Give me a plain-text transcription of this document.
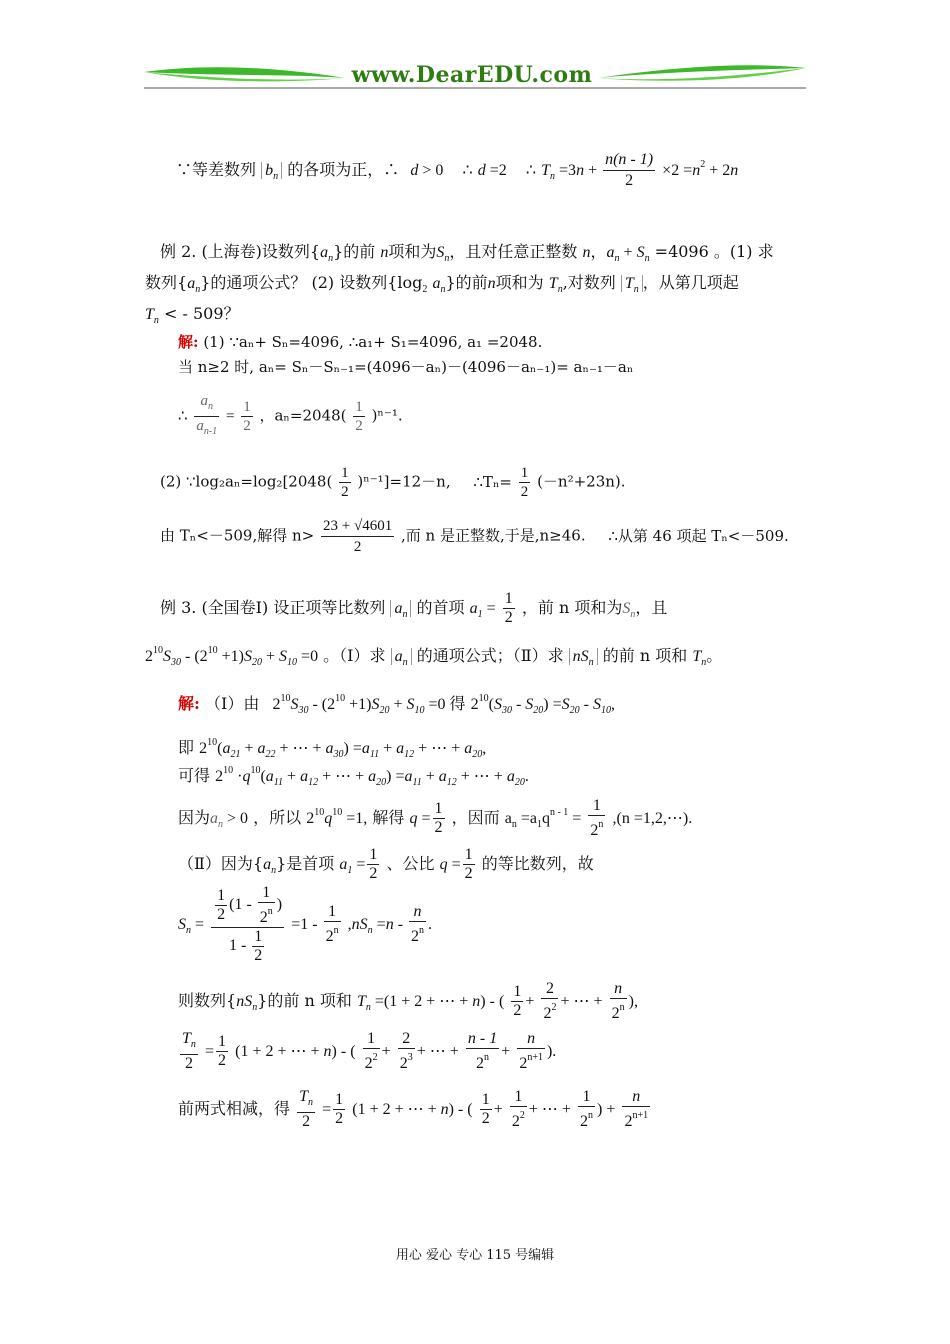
www.DearEDU.com
∵等差数列 $b_n$ 的各项为正，∴ d > 0 ∴ d =2 ∴ $T_n =3n + \frac{n(n - 1)}{2} \times 2 =n^2 + 2n$
例 2. (上海卷)设数列$\{a_n\}$的前 n项和为$S_n$，且对任意正整数 n，$a_n + S_n =4096$ 。(1) 求
数列$\{a_n\}$的通项公式？ (2) 设数列{$\log_2$ $a_n$}的前n项和为 $T_n$,对数列 $T_n$ ，从第几项起
$T_n$ < - 509？
解: (1) ∵aₙ+ Sₙ=4096, ∴a₁+ S₁=4096, a₁ =2048.
当 n≥2 时, aₙ= Sₙ－Sₙ₋₁=(4096－aₙ)－(4096－aₙ₋₁)= aₙ₋₁－aₙ
∴ $\frac{a_n}{a_{n-1}} = \frac{1}{2}$ ，$a_n=2048( \frac{1}{2} )^{n-1}$.
(2) ∵log₂aₙ=log₂[2048( $\frac{1}{2} )^{n-1}]=12-n$, ∴Tₙ= $\frac{1}{2} (-n^2+23n)$.
由 Tₙ<－509,解得 $n> \frac{23 + √4601}{2}$ ,而 n 是正整数,于是,n≥46. ∴从第 46 项起 Tₙ<－509.
例 3. (全国卷Ⅰ) 设正项等比数列 $a_n$ 的首项 $a_1 = \frac{1}{2}$ ，前 n 项和为$S_n$，且
$2^{10}S_{30} - (2^{10} +1)S_{20} + S_{10} =0$ 。（Ⅰ）求 $a_n$ 的通项公式；（Ⅱ）求 $nS_n$ 的前 n 项和 $T_n$。
解: （Ⅰ）由 $2^{10}S_{30} - (2^{10} +1)S_{20} + S_{10} =0$ 得 $2^{10}(S_{30} - S_{20}) =S_{20} - S_{10}$,
即 $2^{10}(a_{21} + a_{22}$ + ⋯ + $a_{30}) =a_{11} + a_{12}$ + ⋯ + $a_{20}$,
可得 $2^{10} \cdot q^{10}(a_{11} + a_{12}$ + ⋯ + $a_{20}) =a_{11} + a_{12}$ + ⋯ + $a_{20}$.
因为$a_n > 0$ ，所以 $2^{10}q^{10} =1$, 解得 $q = \frac{1}{2}$ ，因而 $a_n =a_1q^{n - 1} = \frac{1}{2^n} ,(n$ =1,2,⋯).
（Ⅱ）因为$\{a_n\}$是首项 $a_1 = \frac{1}{2}$ 、公比 $q = \frac{1}{2}$ 的等比数列，故
$S_n = \frac{\frac{1}{2} (1 - \frac{1}{2^n} )}{1 - \frac{1}{2}} =1 - \frac{1}{2^n} ,nS_n =n - \frac{n}{2^n}$ .
则数列$\{nS_n\}$的前 n 项和 $T_n =(1 + 2$ + ⋯ + n) - ( $\frac{1}{2} + \frac{2}{2^2}$ + ⋯ + $\frac{n}{2^n}$ ),
$\frac{T_n}{2} = \frac{1}{2} (1 + 2$ + ⋯ + n) - ( $\frac{1}{2^2} + \frac{2}{2^3}$ + ⋯ + $\frac{n - 1}{2^n} + \frac{n}{2^{n+1}}$ ).
前两式相减，得 $\frac{T_n}{2} = \frac{1}{2} (1 + 2$ + ⋯ + n) - ( $\frac{1}{2} + \frac{1}{2^2}$ + ⋯ + $\frac{1}{2^n}$ ) + $\frac{n}{2^{n+1}}$
用心 爱心 专心 115 号编辑
